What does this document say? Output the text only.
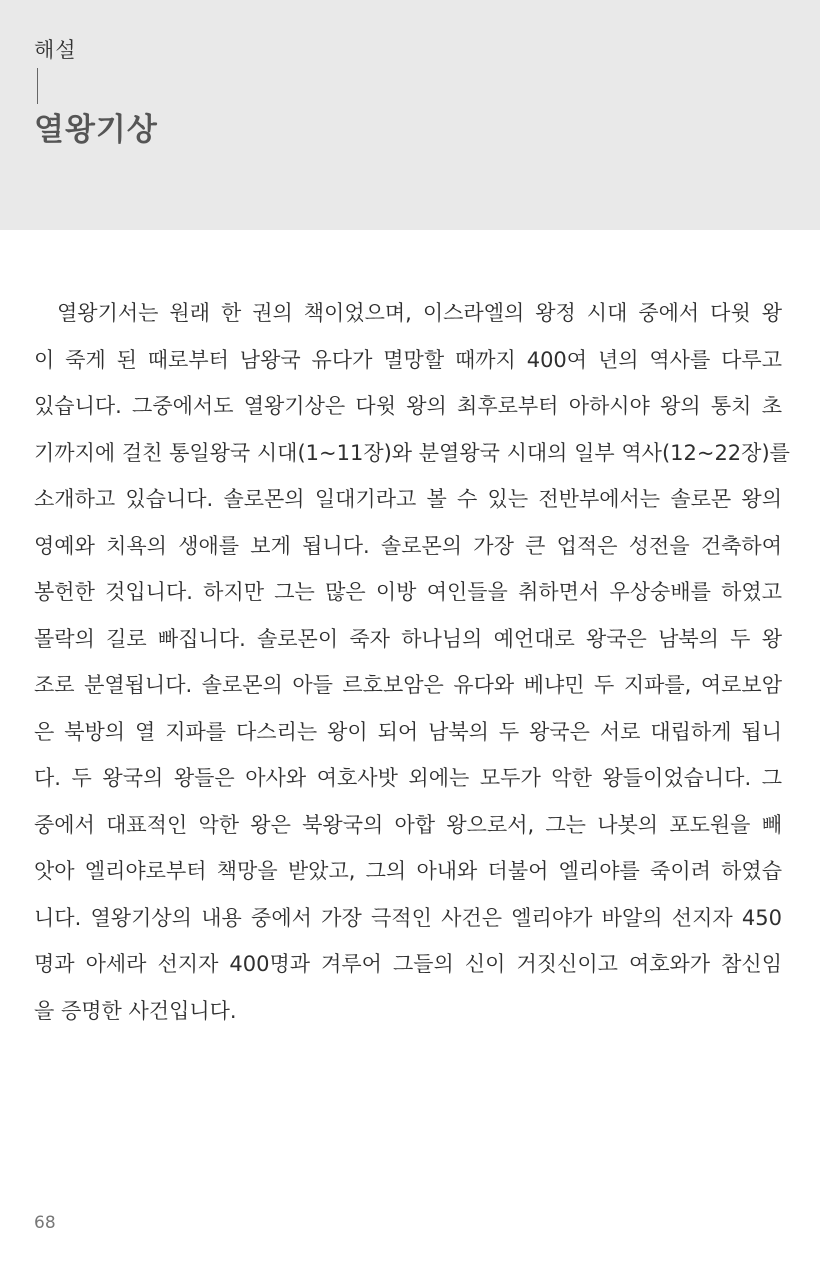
해설
열왕기상
열왕기서는 원래 한 권의 책이었으며, 이스라엘의 왕정 시대 중에서 다윗 왕
이 죽게 된 때로부터 남왕국 유다가 멸망할 때까지 400여 년의 역사를 다루고
있습니다. 그중에서도 열왕기상은 다윗 왕의 최후로부터 아하시야 왕의 통치 초
기까지에 걸친 통일왕국 시대(1~11장)와 분열왕국 시대의 일부 역사(12~22장)를
소개하고 있습니다. 솔로몬의 일대기라고 볼 수 있는 전반부에서는 솔로몬 왕의
영예와 치욕의 생애를 보게 됩니다. 솔로몬의 가장 큰 업적은 성전을 건축하여
봉헌한 것입니다. 하지만 그는 많은 이방 여인들을 취하면서 우상숭배를 하였고
몰락의 길로 빠집니다. 솔로몬이 죽자 하나님의 예언대로 왕국은 남북의 두 왕
조로 분열됩니다. 솔로몬의 아들 르호보암은 유다와 베냐민 두 지파를, 여로보암
은 북방의 열 지파를 다스리는 왕이 되어 남북의 두 왕국은 서로 대립하게 됩니
다. 두 왕국의 왕들은 아사와 여호사밧 외에는 모두가 악한 왕들이었습니다. 그
중에서 대표적인 악한 왕은 북왕국의 아합 왕으로서, 그는 나봇의 포도원을 빼
앗아 엘리야로부터 책망을 받았고, 그의 아내와 더불어 엘리야를 죽이려 하였습
니다. 열왕기상의 내용 중에서 가장 극적인 사건은 엘리야가 바알의 선지자 450
명과 아세라 선지자 400명과 겨루어 그들의 신이 거짓신이고 여호와가 참신임
을 증명한 사건입니다.
68
